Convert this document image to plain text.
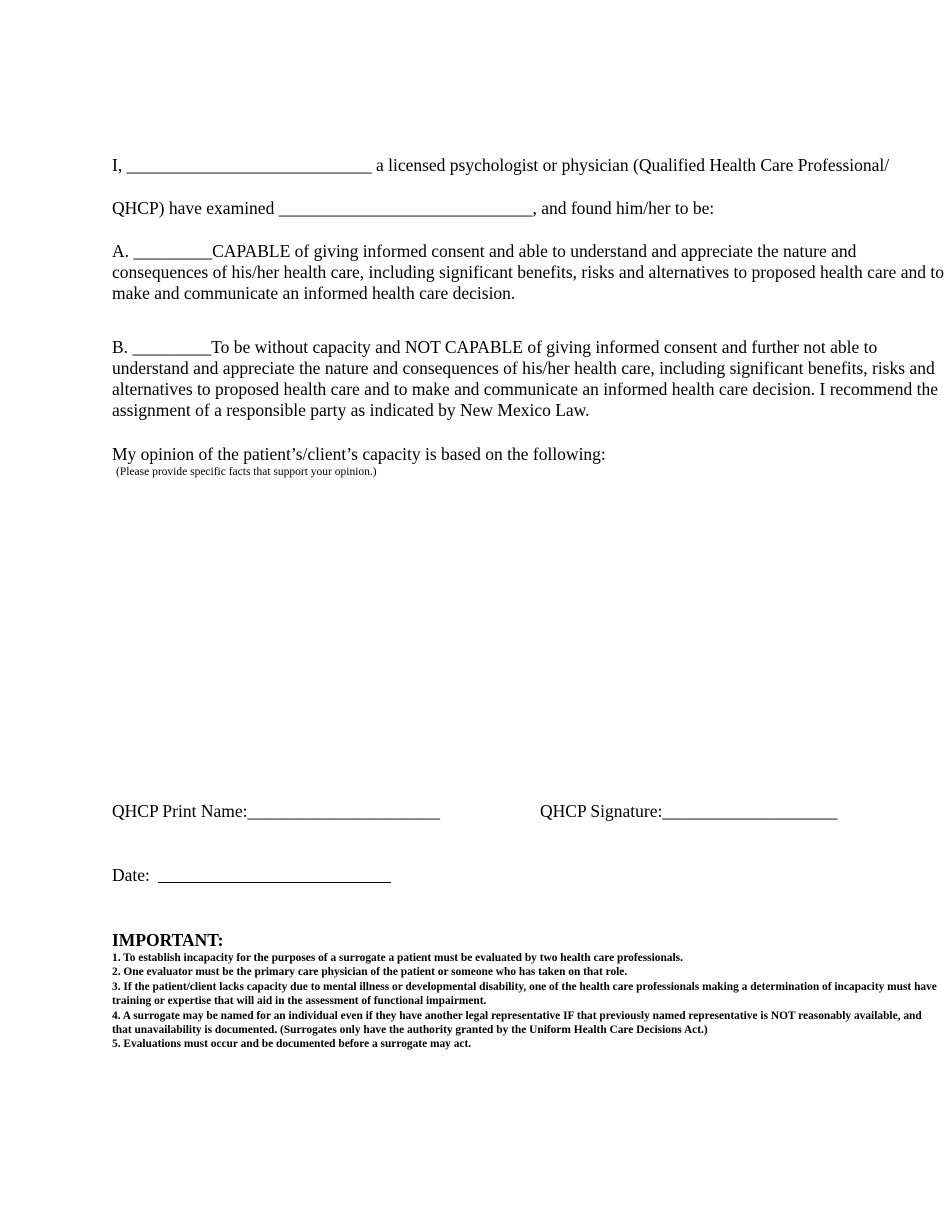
I, ____________________________ a licensed psychologist or physician (Qualified Health Care Professional/
QHCP) have examined _____________________________, and found him/her to be:
A. _________CAPABLE of giving informed consent and able to understand and appreciate the nature and consequences of his/her health care, including significant benefits, risks and alternatives to proposed health care and to make and communicate an informed health care decision.
B. _________To be without capacity and NOT CAPABLE of giving informed consent and further not able to understand and appreciate the nature and consequences of his/her health care, including significant benefits, risks and alternatives to proposed health care and to make and communicate an informed health care decision. I recommend the assignment of a responsible party as indicated by New Mexico Law.
My opinion of the patient’s/client’s capacity is based on the following:
(Please provide specific facts that support your opinion.)
QHCP Print Name:______________________	QHCP Signature:____________________
Date:
IMPORTANT:
1. To establish incapacity for the purposes of a surrogate a patient must be evaluated by two health care professionals.
2. One evaluator must be the primary care physician of the patient or someone who has taken on that role.
3. If the patient/client lacks capacity due to mental illness or developmental disability, one of the health care professionals making a determination of incapacity must have training or expertise that will aid in the assessment of functional impairment.
4. A surrogate may be named for an individual even if they have another legal representative IF that previously named representative is NOT reasonably available, and that unavailability is documented. (Surrogates only have the authority granted by the Uniform Health Care Decisions Act.)
5. Evaluations must occur and be documented before a surrogate may act.
